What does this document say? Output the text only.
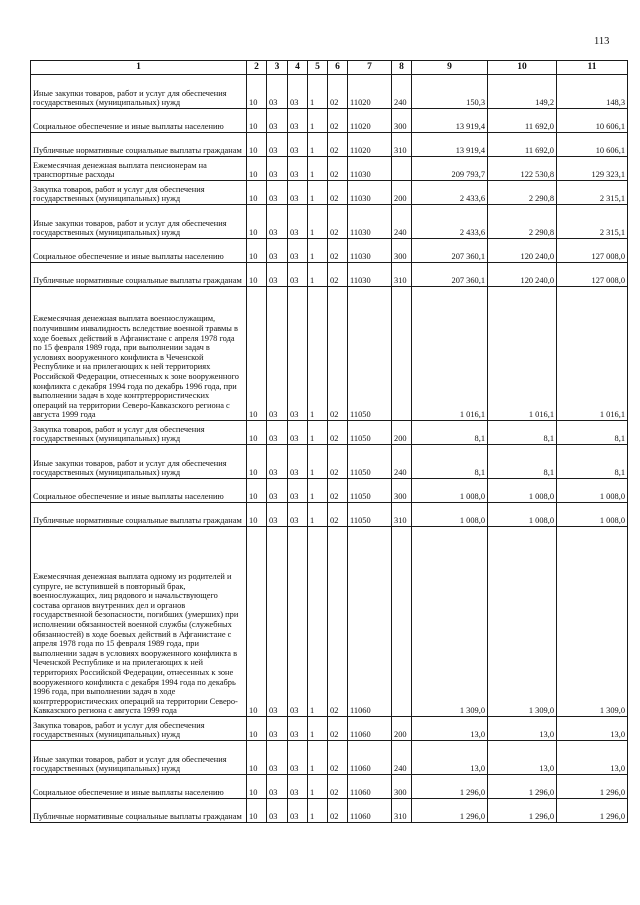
113
1	2	3	4	5	6	7	8	9	10	11
Иные закупки товаров, работ и услуг для обеспечения государственных (муниципальных) нужд	10	03	03	1	02	11020	240	150,3	149,2	148,3
Социальное обеспечение и иные выплаты населению	10	03	03	1	02	11020	300	13 919,4	11 692,0	10 606,1
Публичные нормативные социальные выплаты гражданам	10	03	03	1	02	11020	310	13 919,4	11 692,0	10 606,1
Ежемесячная денежная выплата пенсионерам на транспортные расходы	10	03	03	1	02	11030		209 793,7	122 530,8	129 323,1
Закупка товаров, работ и услуг для обеспечения государственных (муниципальных) нужд	10	03	03	1	02	11030	200	2 433,6	2 290,8	2 315,1
Иные закупки товаров, работ и услуг для обеспечения государственных (муниципальных) нужд	10	03	03	1	02	11030	240	2 433,6	2 290,8	2 315,1
Социальное обеспечение и иные выплаты населению	10	03	03	1	02	11030	300	207 360,1	120 240,0	127 008,0
Публичные нормативные социальные выплаты гражданам	10	03	03	1	02	11030	310	207 360,1	120 240,0	127 008,0
Ежемесячная денежная выплата военнослужащим, получившим инвалидность вследствие военной травмы в ходе боевых действий в Афганистане с апреля 1978 года по 15 февраля 1989 года, при выполнении задач в условиях вооруженного конфликта в Чеченской Республике и на прилегающих к ней территориях Российской Федерации, отнесенных к зоне вооруженного конфликта с декабря 1994 года по декабрь 1996 года, при выполнении задач в ходе контртеррористических операций на территории Северо-Кавказского региона с августа 1999 года	10	03	03	1	02	11050		1 016,1	1 016,1	1 016,1
Закупка товаров, работ и услуг для обеспечения государственных (муниципальных) нужд	10	03	03	1	02	11050	200	8,1	8,1	8,1
Иные закупки товаров, работ и услуг для обеспечения государственных (муниципальных) нужд	10	03	03	1	02	11050	240	8,1	8,1	8,1
Социальное обеспечение и иные выплаты населению	10	03	03	1	02	11050	300	1 008,0	1 008,0	1 008,0
Публичные нормативные социальные выплаты гражданам	10	03	03	1	02	11050	310	1 008,0	1 008,0	1 008,0
Ежемесячная денежная выплата одному из родителей и супруге, не вступившей в повторный брак, военнослужащих, лиц рядового и начальствующего состава органов внутренних дел и органов государственной безопасности, погибших (умерших) при исполнении обязанностей военной службы (служебных обязанностей) в ходе боевых действий в Афганистане с апреля 1978 года по 15 февраля 1989 года, при выполнении задач в условиях вооруженного конфликта в Чеченской Республике и на прилегающих к ней территориях Российской Федерации, отнесенных к зоне вооруженного конфликта с декабря 1994 года по декабрь 1996 года, при выполнении задач в ходе контртеррористических операций на территории Северо-Кавказского региона с августа 1999 года	10	03	03	1	02	11060		1 309,0	1 309,0	1 309,0
Закупка товаров, работ и услуг для обеспечения государственных (муниципальных) нужд	10	03	03	1	02	11060	200	13,0	13,0	13,0
Иные закупки товаров, работ и услуг для обеспечения государственных (муниципальных) нужд	10	03	03	1	02	11060	240	13,0	13,0	13,0
Социальное обеспечение и иные выплаты населению	10	03	03	1	02	11060	300	1 296,0	1 296,0	1 296,0
Публичные нормативные социальные выплаты гражданам	10	03	03	1	02	11060	310	1 296,0	1 296,0	1 296,0
